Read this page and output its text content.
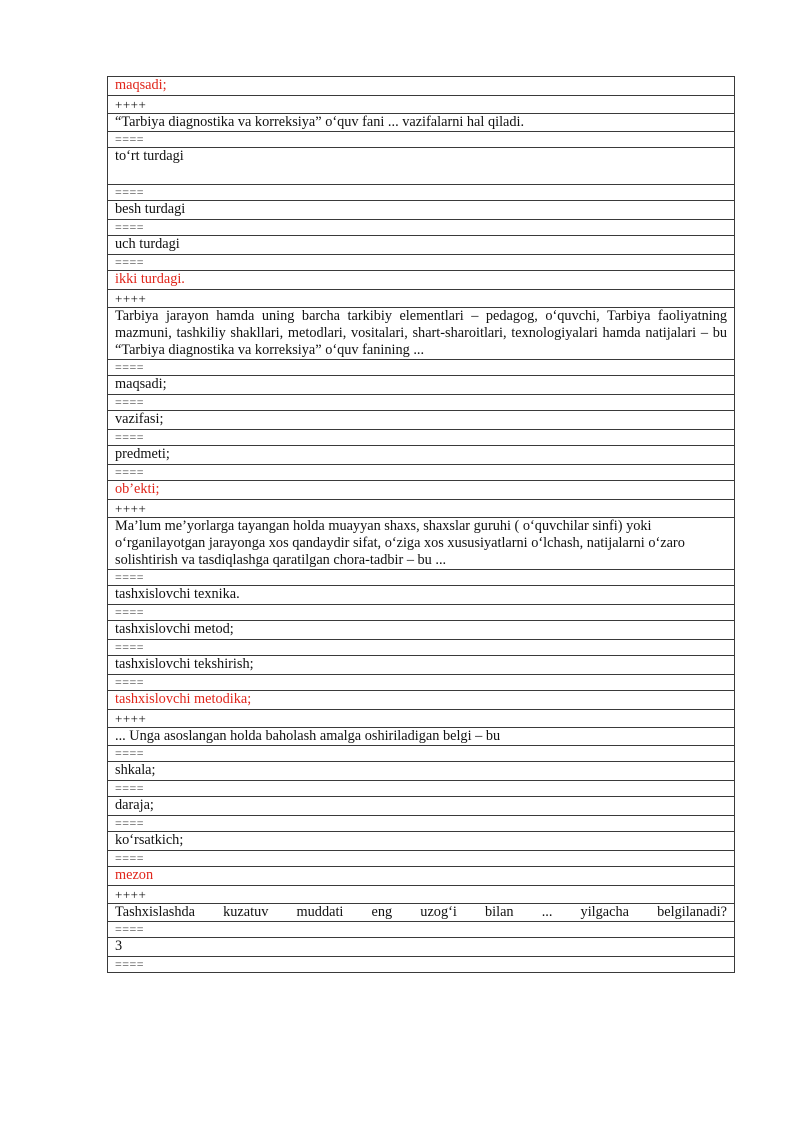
maqsadi;
++++
“Tarbiya diagnostika va korreksiya” o‘quv fani ... vazifalarni hal qiladi.
====
to‘rt turdagi
====
besh turdagi
====
uch turdagi
====
ikki turdagi.
++++
Tarbiya jarayon hamda uning barcha tarkibiy elementlari – pedagog, o‘quvchi, Tarbiya faoliyatning mazmuni, tashkiliy shakllari, metodlari, vositalari, shart-sharoitlari, texnologiyalari hamda natijalari – bu “Tarbiya diagnostika va korreksiya” o‘quv fanining ...
====
maqsadi;
====
vazifasi;
====
predmeti;
====
ob’ekti;
++++
Ma’lum me’yorlarga tayangan holda muayyan shaxs, shaxslar guruhi ( o‘quvchilar sinfi) yoki o‘rganilayotgan jarayonga xos qandaydir sifat, o‘ziga xos xususiyatlarni o‘lchash, natijalarni o‘zaro solishtirish va tasdiqlashga qaratilgan chora-tadbir – bu ...
====
tashxislovchi texnika.
====
tashxislovchi metod;
====
tashxislovchi tekshirish;
====
tashxislovchi metodika;
++++
... Unga asoslangan holda baholash amalga oshiriladigan belgi – bu
====
shkala;
====
daraja;
====
ko‘rsatkich;
====
mezon
++++
Tashxislashda kuzatuv muddati eng uzog‘i bilan ... yilgacha belgilanadi?
====
3
====
